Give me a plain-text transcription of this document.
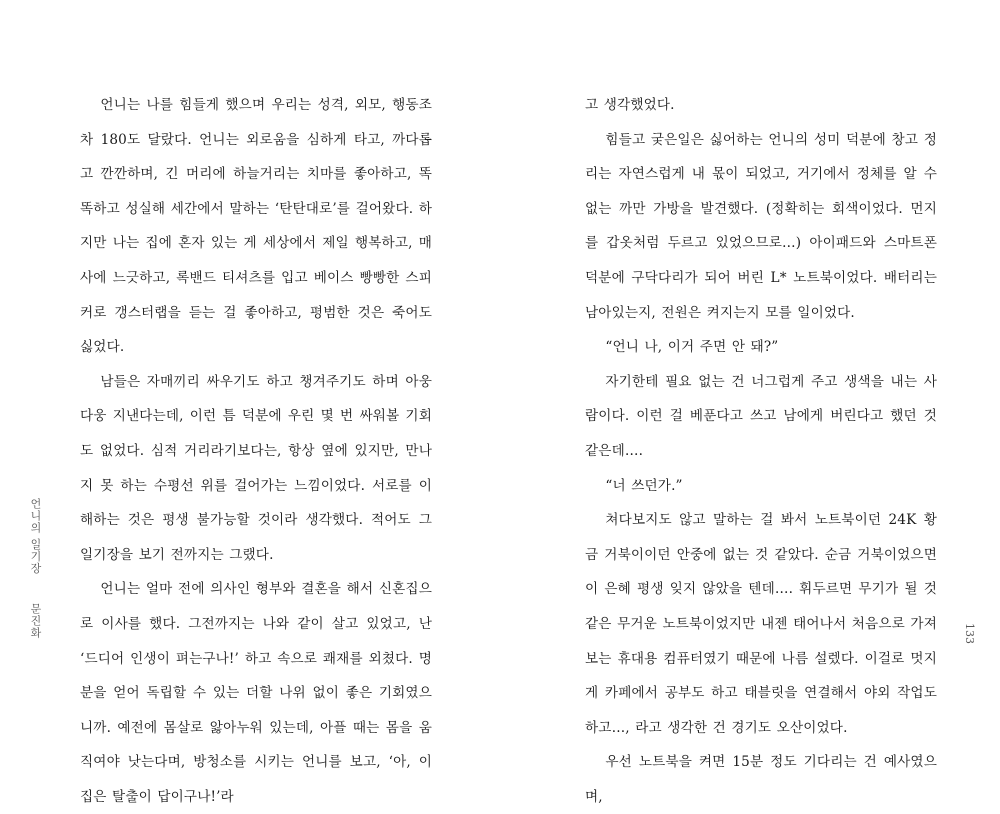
언니는 나를 힘들게 했으며 우리는 성격, 외모, 행동조차 180도 달랐다. 언니는 외로움을 심하게 타고, 까다롭고 깐깐하며, 긴 머리에 하늘거리는 치마를 좋아하고, 똑똑하고 성실해 세간에서 말하는 ‘탄탄대로’를 걸어왔다. 하지만 나는 집에 혼자 있는 게 세상에서 제일 행복하고, 매사에 느긋하고, 록밴드 티셔츠를 입고 베이스 빵빵한 스피커로 갱스터랩을 듣는 걸 좋아하고, 평범한 것은 죽어도 싫었다.

남들은 자매끼리 싸우기도 하고 챙겨주기도 하며 아웅다웅 지낸다는데, 이런 틈 덕분에 우린 몇 번 싸워볼 기회도 없었다. 심적 거리라기보다는, 항상 옆에 있지만, 만나지 못 하는 수평선 위를 걸어가는 느낌이었다. 서로를 이해하는 것은 평생 불가능할 것이라 생각했다. 적어도 그 일기장을 보기 전까지는 그랬다.

언니는 얼마 전에 의사인 형부와 결혼을 해서 신혼집으로 이사를 했다. 그전까지는 나와 같이 살고 있었고, 난 ‘드디어 인생이 펴는구나!’ 하고 속으로 쾌재를 외쳤다. 명분을 얻어 독립할 수 있는 더할 나위 없이 좋은 기회였으니까. 예전에 몸살로 앓아누워 있는데, 아플 때는 몸을 움직여야 낫는다며, 방청소를 시키는 언니를 보고, ‘아, 이 집은 탈출이 답이구나!’라

언니의 일기장 문진화

고 생각했었다.

힘들고 궂은일은 싫어하는 언니의 성미 덕분에 창고 정리는 자연스럽게 내 몫이 되었고, 거기에서 정체를 알 수 없는 까만 가방을 발견했다. (정확히는 회색이었다. 먼지를 갑옷처럼 두르고 있었으므로…) 아이패드와 스마트폰 덕분에 구닥다리가 되어 버린 L* 노트북이었다. 배터리는 남아있는지, 전원은 켜지는지 모를 일이었다.

“언니 나, 이거 주면 안 돼?”

자기한테 필요 없는 건 너그럽게 주고 생색을 내는 사람이다. 이런 걸 베푼다고 쓰고 남에게 버린다고 했던 것 같은데….

“너 쓰던가.”

쳐다보지도 않고 말하는 걸 봐서 노트북이던 24K 황금 거북이이던 안중에 없는 것 같았다. 순금 거북이었으면 이 은혜 평생 잊지 않았을 텐데…. 휘두르면 무기가 될 것 같은 무거운 노트북이었지만 내젠 태어나서 처음으로 가져보는 휴대용 컴퓨터였기 때문에 나름 설렜다. 이걸로 멋지게 카페에서 공부도 하고 태블릿을 연결해서 야외 작업도 하고…, 라고 생각한 건 경기도 오산이었다.

우선 노트북을 켜면 15분 정도 기다리는 건 예사였으며,

133
